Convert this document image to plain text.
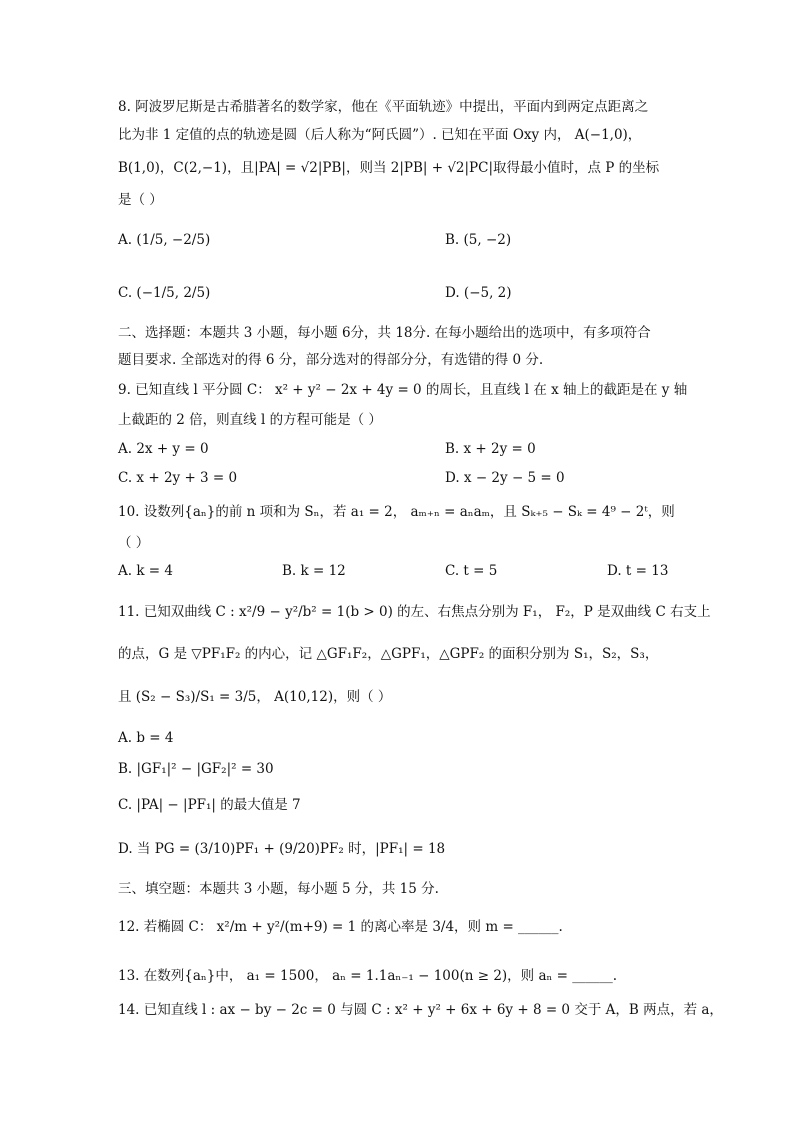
8. 阿波罗尼斯是古希腊著名的数学家，他在《平面轨迹》中提出，平面内到两定点距离之
比为非 1 定值的点的轨迹是圆（后人称为“阿氏圆”）. 已知在平面 Oxy 内， A(−1,0)，
B(1,0)，C(2,−1)，且|PA| = √2|PB|，则当 2|PB| + √2|PC|取得最小值时，点 P 的坐标
是（ ）
A. (1/5, −2/5)	B. (5, −2)
C. (−1/5, 2/5)	D. (−5, 2)
二、选择题：本题共 3 小题，每小题 6分，共 18分. 在每小题给出的选项中，有多项符合
题目要求. 全部选对的得 6 分，部分选对的得部分分，有选错的得 0 分.
9. 已知直线 l 平分圆 C： x² + y² − 2x + 4y = 0 的周长，且直线 l 在 x 轴上的截距是在 y 轴
上截距的 2 倍，则直线 l 的方程可能是（ ）
A. 2x + y = 0	B. x + 2y = 0
C. x + 2y + 3 = 0	D. x − 2y − 5 = 0
10. 设数列{aₙ}的前 n 项和为 Sₙ，若 a₁ = 2， aₘ₊ₙ = aₙaₘ，且 Sₖ₊₅ − Sₖ = 4⁹ − 2ᵗ，则
（ ）
A. k = 4	B. k = 12	C. t = 5	D. t = 13
11. 已知双曲线 C : x²/9 − y²/b² = 1(b > 0) 的左、右焦点分别为 F₁， F₂，P 是双曲线 C 右支上
的点，G 是 ▽PF₁F₂ 的内心，记 △GF₁F₂，△GPF₁，△GPF₂ 的面积分别为 S₁，S₂，S₃，
且 (S₂ − S₃)/S₁ = 3/5， A(10,12)，则（ ）
A. b = 4
B. |GF₁|² − |GF₂|² = 30
C. |PA| − |PF₁| 的最大值是 7
D. 当 PG = (3/10)PF₁ + (9/20)PF₂ 时，|PF₁| = 18
三、填空题：本题共 3 小题，每小题 5 分，共 15 分.
12. 若椭圆 C： x²/m + y²/(m+9) = 1 的离心率是 3/4，则 m = ______.
13. 在数列{aₙ}中， a₁ = 1500， aₙ = 1.1aₙ₋₁ − 100(n ≥ 2)，则 aₙ = ______.
14. 已知直线 l : ax − by − 2c = 0 与圆 C : x² + y² + 6x + 6y + 8 = 0 交于 A，B 两点，若 a，
